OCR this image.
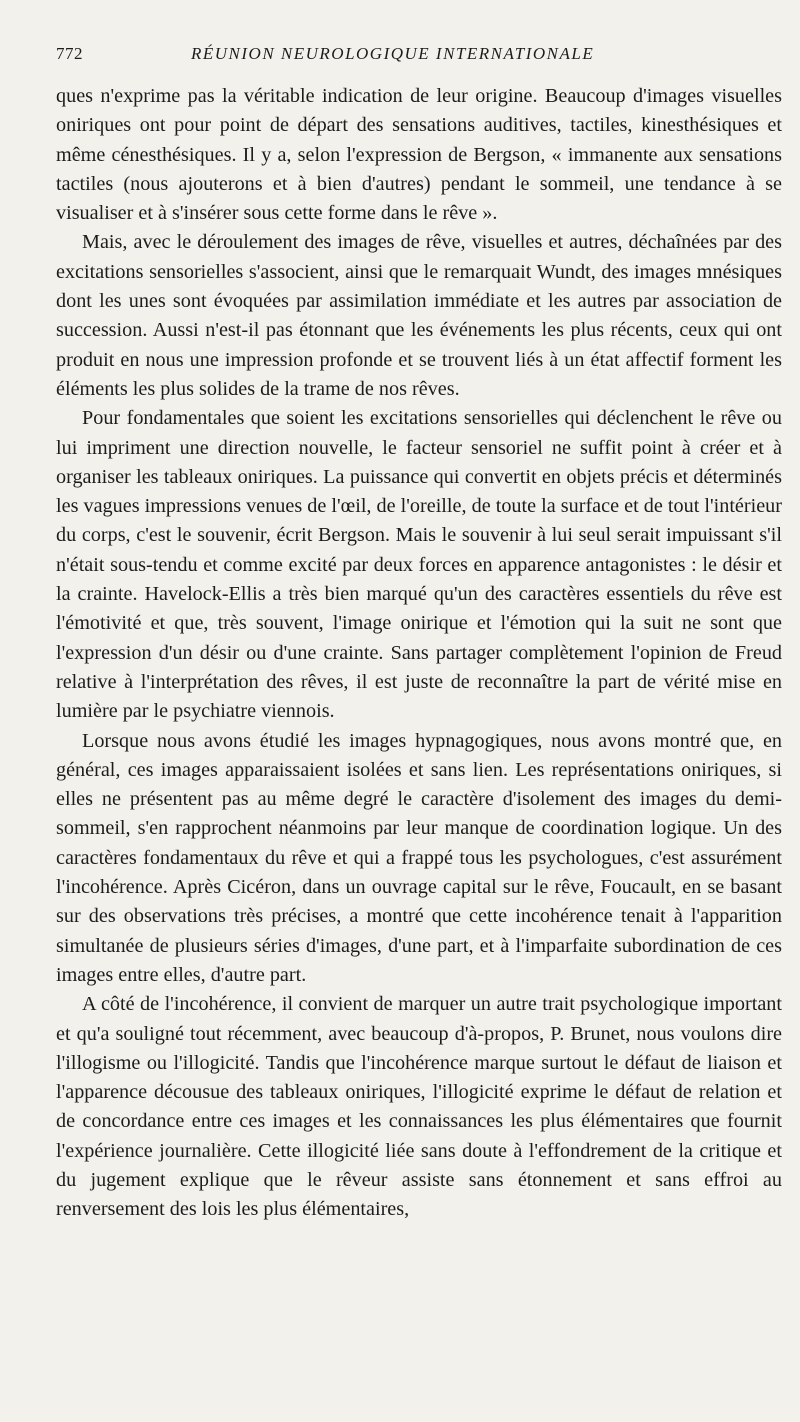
772	RÉUNION NEUROLOGIQUE INTERNATIONALE

ques n'exprime pas la véritable indication de leur origine. Beaucoup d'images visuelles oniriques ont pour point de départ des sensations auditives, tactiles, kinesthésiques et même cénesthésiques. Il y a, selon l'expression de Bergson, « immanente aux sensations tactiles (nous ajouterons et à bien d'autres) pendant le sommeil, une tendance à se visualiser et à s'insérer sous cette forme dans le rêve ».

Mais, avec le déroulement des images de rêve, visuelles et autres, déchaînées par des excitations sensorielles s'associent, ainsi que le remarquait Wundt, des images mnésiques dont les unes sont évoquées par assimilation immédiate et les autres par association de succession. Aussi n'est-il pas étonnant que les événements les plus récents, ceux qui ont produit en nous une impression profonde et se trouvent liés à un état affectif forment les éléments les plus solides de la trame de nos rêves.

Pour fondamentales que soient les excitations sensorielles qui déclenchent le rêve ou lui impriment une direction nouvelle, le facteur sensoriel ne suffit point à créer et à organiser les tableaux oniriques. La puissance qui convertit en objets précis et déterminés les vagues impressions venues de l'œil, de l'oreille, de toute la surface et de tout l'intérieur du corps, c'est le souvenir, écrit Bergson. Mais le souvenir à lui seul serait impuissant s'il n'était sous-tendu et comme excité par deux forces en apparence antagonistes : le désir et la crainte. Havelock-Ellis a très bien marqué qu'un des caractères essentiels du rêve est l'émotivité et que, très souvent, l'image onirique et l'émotion qui la suit ne sont que l'expression d'un désir ou d'une crainte. Sans partager complètement l'opinion de Freud relative à l'interprétation des rêves, il est juste de reconnaître la part de vérité mise en lumière par le psychiatre viennois.

Lorsque nous avons étudié les images hypnagogiques, nous avons montré que, en général, ces images apparaissaient isolées et sans lien. Les représentations oniriques, si elles ne présentent pas au même degré le caractère d'isolement des images du demi-sommeil, s'en rapprochent néanmoins par leur manque de coordination logique. Un des caractères fondamentaux du rêve et qui a frappé tous les psychologues, c'est assurément l'incohérence. Après Cicéron, dans un ouvrage capital sur le rêve, Foucault, en se basant sur des observations très précises, a montré que cette incohérence tenait à l'apparition simultanée de plusieurs séries d'images, d'une part, et à l'imparfaite subordination de ces images entre elles, d'autre part.

A côté de l'incohérence, il convient de marquer un autre trait psychologique important et qu'a souligné tout récemment, avec beaucoup d'à-propos, P. Brunet, nous voulons dire l'illogisme ou l'illogicité. Tandis que l'incohérence marque surtout le défaut de liaison et l'apparence décousue des tableaux oniriques, l'illogicité exprime le défaut de relation et de concordance entre ces images et les connaissances les plus élémentaires que fournit l'expérience journalière. Cette illogicité liée sans doute à l'effondrement de la critique et du jugement explique que le rêveur assiste sans étonnement et sans effroi au renversement des lois les plus élémentaires,
